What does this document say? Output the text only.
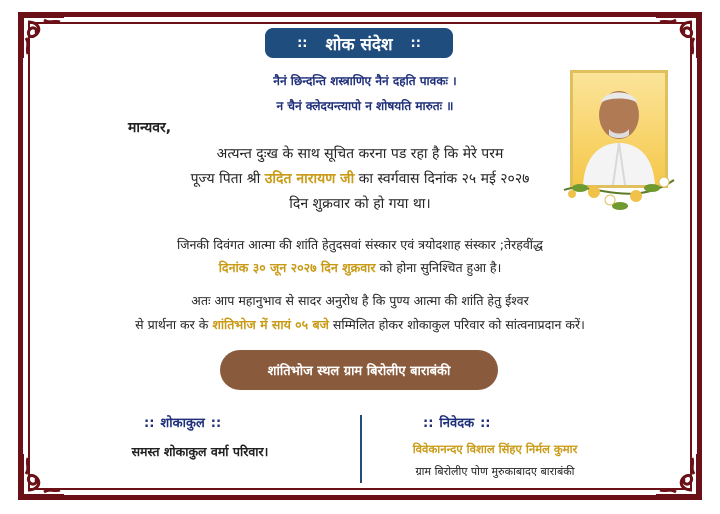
:: शोक संदेश ::
नैनं छिन्दन्ति शस्त्राणिए नैनं दहति पावकः ।
न चैनं क्लेदयन्त्यापो न शोषयति मारुतः ॥
मान्यवर,
अत्यन्त दुःख के साथ सूचित करना पड रहा है कि मेरे परम
पूज्य पिता श्री उदित नारायण जी का स्वर्गवास दिनांक २५ मई २०२७
दिन शुक्रवार को हो गया था।
जिनकी दिवंगत आत्मा की शांति हेतुदसवां संस्कार एवं त्रयोदशाह संस्कार ;तेरहवींद्ध
दिनांक ३० जून २०२७ दिन शुक्रवार को होना सुनिश्चित हुआ है।
अतः आप महानुभाव से सादर अनुरोध है कि पुण्य आत्मा की शांति हेतु ईश्वर
से प्रार्थना कर के शांतिभोज में सायं ०५ बजे सम्मिलित होकर शोकाकुल परिवार को सांत्वनाप्रदान करें।
शांतिभोज स्थल ग्राम बिरोलीए बाराबंकी
:: शोकाकुल ::	:: निवेदक ::
समस्त शोकाकुल वर्मा परिवार।	विवेकानन्दए विशाल सिंहए निर्मल कुमार
ग्राम बिरोलीए पोण मुरुकाबादए बाराबंकी
